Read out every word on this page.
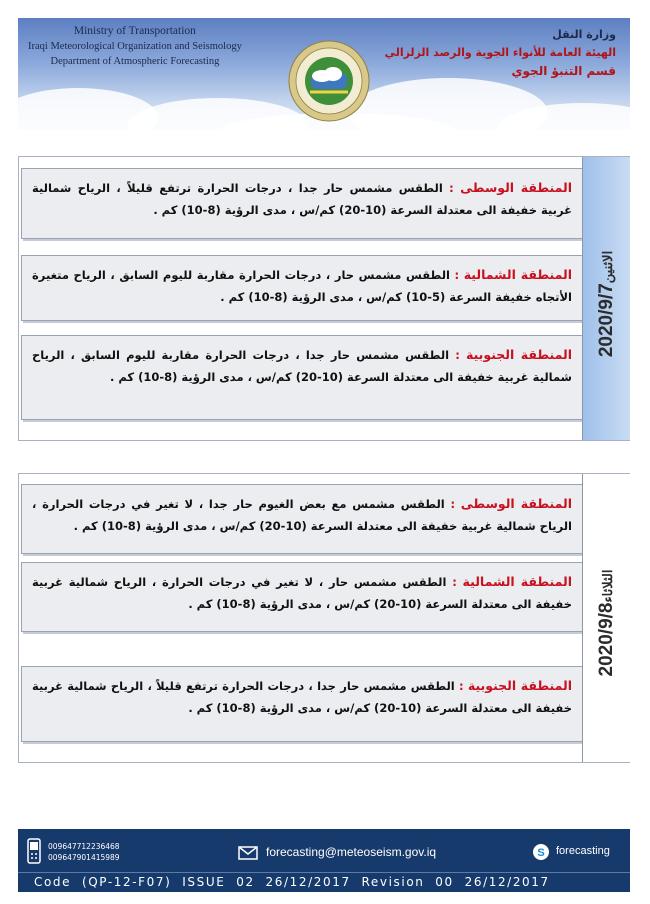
Ministry of Transportation
Iraqi Meteorological Organization and Seismology
Department of Atmospheric Forecasting
وزارة النقل
الهيئة العامة للأنواء الجوية والرصد الزلزالي
قسم التنبؤ الجوي
المنطقة الوسطى : الطقس مشمس حار جدا ، درجات الحرارة ترتفع قليلاً ، الرياح شمالية غربية خفيفة الى معتدلة السرعة (10-20) كم/س ، مدى الرؤية (8-10) كم .
المنطقة الشمالية : الطقس مشمس حار ، درجات الحرارة مقاربة لليوم السابق ، الرياح متغيرة الأتجاه خفيفة السرعة (5-10) كم/س ، مدى الرؤية (8-10) كم .
المنطقة الجنوبية : الطقس مشمس حار جدا ، درجات الحرارة مقاربة لليوم السابق ، الرياح شمالية غربية خفيفة الى معتدلة السرعة (10-20) كم/س ، مدى الرؤية (8-10) كم .
2020/9/7الاثنين
المنطقة الوسطى : الطقس مشمس مع بعض الغيوم حار جدا ، لا تغير في درجات الحرارة ، الرياح شمالية غربية خفيفة الى معتدلة السرعة (10-20) كم/س ، مدى الرؤية (8-10) كم .
المنطقة الشمالية : الطقس مشمس حار ، لا تغير في درجات الحرارة ، الرياح شمالية غربية خفيفة الى معتدلة السرعة (10-20) كم/س ، مدى الرؤية (8-10) كم .
المنطقة الجنوبية : الطقس مشمس حار جدا ، درجات الحرارة ترتفع قليلاً ، الرياح شمالية غربية خفيفة الى معتدلة السرعة (10-20) كم/س ، مدى الرؤية (8-10) كم .
2020/9/8الثلاثاء
009647712236468
009647901415989	forecasting@meteoseism.gov.iq	S forecasting
Code  (QP-12-F07)  ISSUE  02  26/12/2017  Revision  00  26/12/2017
